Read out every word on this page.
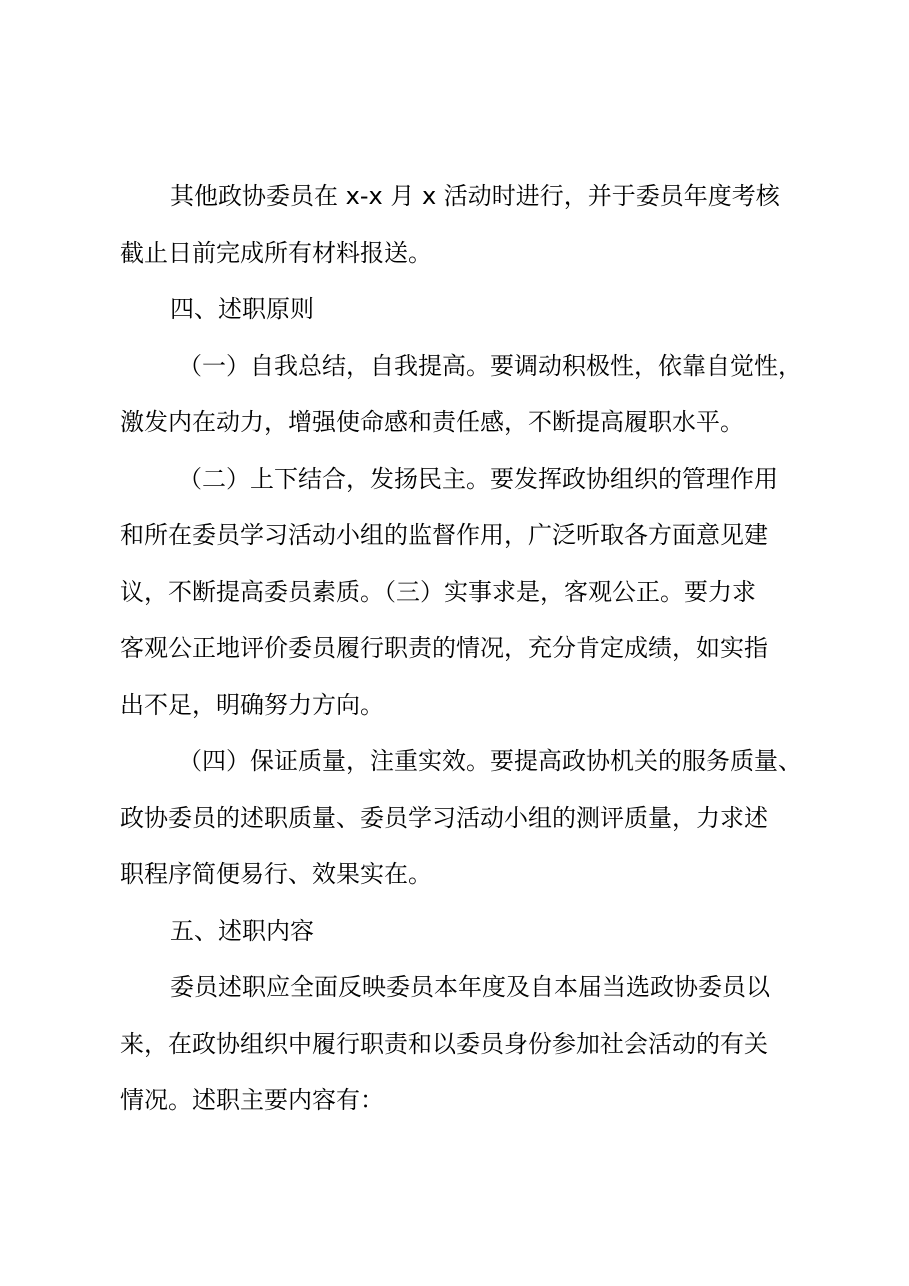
其他政协委员在 x-x 月 x 活动时进行，并于委员年度考核
截止日前完成所有材料报送。
四、述职原则
（一）自我总结，自我提高。要调动积极性，依靠自觉性，
激发内在动力，增强使命感和责任感，不断提高履职水平。
（二）上下结合，发扬民主。要发挥政协组织的管理作用
和所在委员学习活动小组的监督作用，广泛听取各方面意见建
议，不断提高委员素质。（三）实事求是，客观公正。要力求
客观公正地评价委员履行职责的情况，充分肯定成绩，如实指
出不足，明确努力方向。
（四）保证质量，注重实效。要提高政协机关的服务质量、
政协委员的述职质量、委员学习活动小组的测评质量，力求述
职程序简便易行、效果实在。
五、述职内容
委员述职应全面反映委员本年度及自本届当选政协委员以
来，在政协组织中履行职责和以委员身份参加社会活动的有关
情况。述职主要内容有：
